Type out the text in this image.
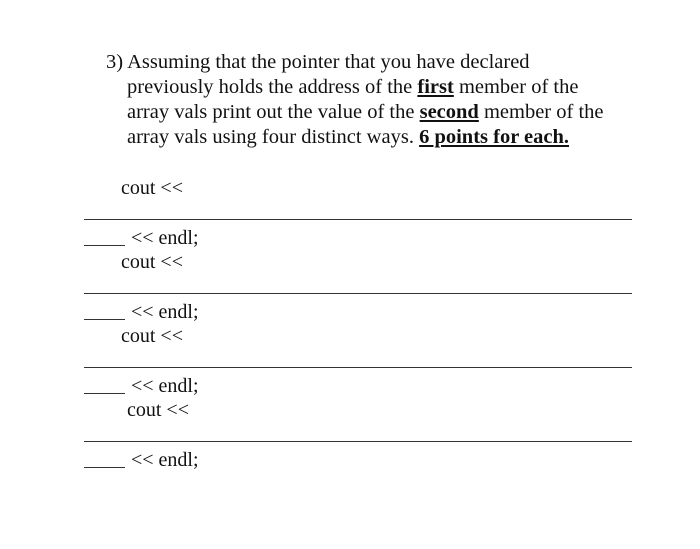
3) Assuming that the pointer that you have declared
previously holds the address of the first member of the
array vals print out the value of the second member of the
array vals using four distinct ways. 6 points for each.
cout <<
<< endl;
cout <<
<< endl;
cout <<
<< endl;
cout <<
<< endl;
